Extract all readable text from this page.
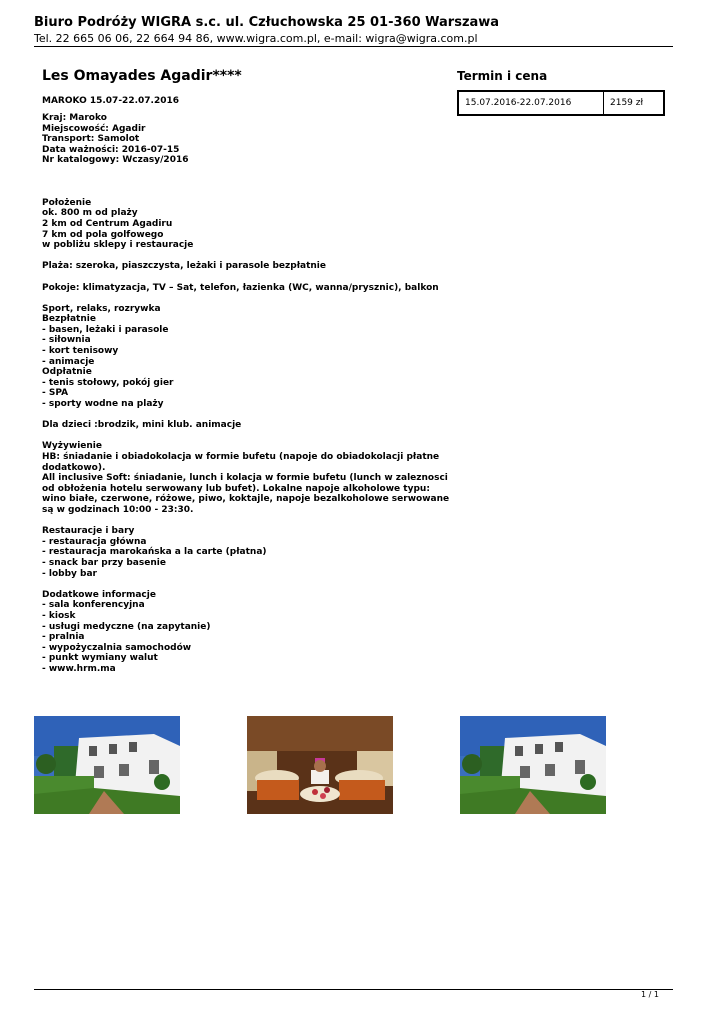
Biuro Podróży WIGRA s.c. ul. Człuchowska 25 01-360 Warszawa
Tel. 22 665 06 06, 22 664 94 86, www.wigra.com.pl, e-mail: wigra@wigra.com.pl
Les Omayades Agadir****
MAROKO 15.07-22.07.2016

Kraj: Maroko

Miejscowość: Agadir

Transport: Samolot

Data ważności: 2016-07-15

Nr katalogowy: Wczasy/2016

Położenie

ok. 800 m od plaży

2 km od Centrum Agadiru

7 km od pola golfowego

w pobliżu sklepy i restauracje

Plaża: szeroka, piaszczysta, leżaki i parasole bezpłatnie

Pokoje: klimatyzacja, TV – Sat, telefon, łazienka (WC, wanna/prysznic), balkon

Sport, relaks, rozrywka

Bezpłatnie

- basen, leżaki i parasole

- siłownia

- kort tenisowy

- animacje

Odpłatnie

- tenis stołowy, pokój gier

- SPA

- sporty wodne na plaży

Dla dzieci :brodzik, mini klub. animacje

Wyżywienie

HB: śniadanie i obiadokolacja w formie bufetu (napoje do obiadokolacji płatne dodatkowo).

All inclusive Soft: śniadanie, lunch i kolacja w formie bufetu (lunch w zaleznosci od obłożenia hotelu serwowany lub bufet). Lokalne napoje alkoholowe typu: wino białe, czerwone, różowe, piwo, koktajle, napoje bezalkoholowe serwowane są w godzinach 10:00 - 23:30.

Restauracje i bary

- restauracja główna

- restauracja marokańska a la carte (płatna)

- snack bar przy basenie

- lobby bar

Dodatkowe informacje

- sala konferencyjna

- kiosk

- usługi medyczne (na zapytanie)

- pralnia

- wypożyczalnia samochodów

- punkt wymiany walut

- www.hrm.ma

Termin i cena
15.07.2016-22.07.2016	2159 zł
1 / 1
